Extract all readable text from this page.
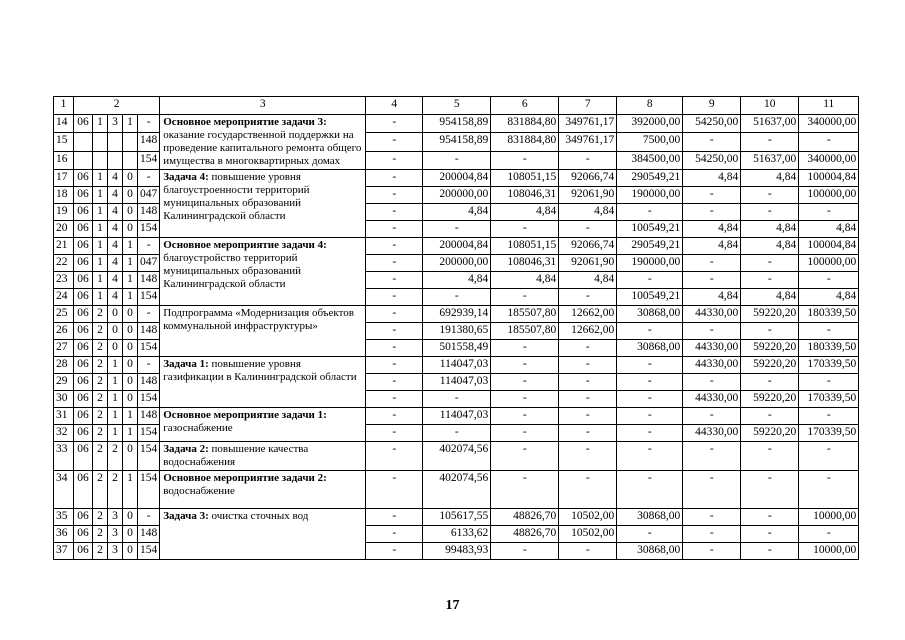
1	2					3	4	5	6	7	8	9	10	11
14	06	1	3	1	-	Основное мероприятие задачи 3: оказание государственной поддержки на проведение капитального ремонта общего имущества в многоквартирных домах	-	954158,89	831884,80	349761,17	392000,00	54250,00	51637,00	340000,00
15					148		-	954158,89	831884,80	349761,17	7500,00	-	-	-
16					154		-	-	-	-	384500,00	54250,00	51637,00	340000,00
17	06	1	4	0	-	Задача 4: повышение уровня благоустроенности территорий муниципальных образований Калининградской области	-	200004,84	108051,15	92066,74	290549,21	4,84	4,84	100004,84
18	06	1	4	0	047		-	200000,00	108046,31	92061,90	190000,00	-	-	100000,00
19	06	1	4	0	148		-	4,84	4,84	4,84	-	-	-	-
20	06	1	4	0	154		-	-	-	-	100549,21	4,84	4,84	4,84
21	06	1	4	1	-	Основное мероприятие задачи 4: благоустройство территорий муниципальных образований Калининградской области	-	200004,84	108051,15	92066,74	290549,21	4,84	4,84	100004,84
22	06	1	4	1	047		-	200000,00	108046,31	92061,90	190000,00	-	-	100000,00
23	06	1	4	1	148		-	4,84	4,84	4,84	-	-	-	-
24	06	1	4	1	154		-	-	-	-	100549,21	4,84	4,84	4,84
25	06	2	0	0	-	Подпрограмма «Модернизация объектов коммунальной инфраструктуры»	-	692939,14	185507,80	12662,00	30868,00	44330,00	59220,20	180339,50
26	06	2	0	0	148		-	191380,65	185507,80	12662,00	-	-	-	-
27	06	2	0	0	154		-	501558,49	-	-	30868,00	44330,00	59220,20	180339,50
28	06	2	1	0	-	Задача 1: повышение уровня газификации в Калининградской области	-	114047,03	-	-	-	44330,00	59220,20	170339,50
29	06	2	1	0	148		-	114047,03	-	-	-	-	-	-
30	06	2	1	0	154		-	-	-	-	-	44330,00	59220,20	170339,50
31	06	2	1	1	148	Основное мероприятие задачи 1: газоснабжение	-	114047,03	-	-	-	-	-	-
32	06	2	1	1	154		-	-	-	-	-	44330,00	59220,20	170339,50
33	06	2	2	0	154	Задача 2: повышение качества водоснабжения	-	402074,56	-	-	-	-	-	-
34	06	2	2	1	154	Основное мероприятие задачи 2: водоснабжение	-	402074,56	-	-	-	-	-	-
35	06	2	3	0	-	Задача 3: очистка сточных вод	-	105617,55	48826,70	10502,00	30868,00	-	-	10000,00
36	06	2	3	0	148		-	6133,62	48826,70	10502,00	-	-	-	-
37	06	2	3	0	154		-	99483,93	-	-	30868,00	-	-	10000,00
17
